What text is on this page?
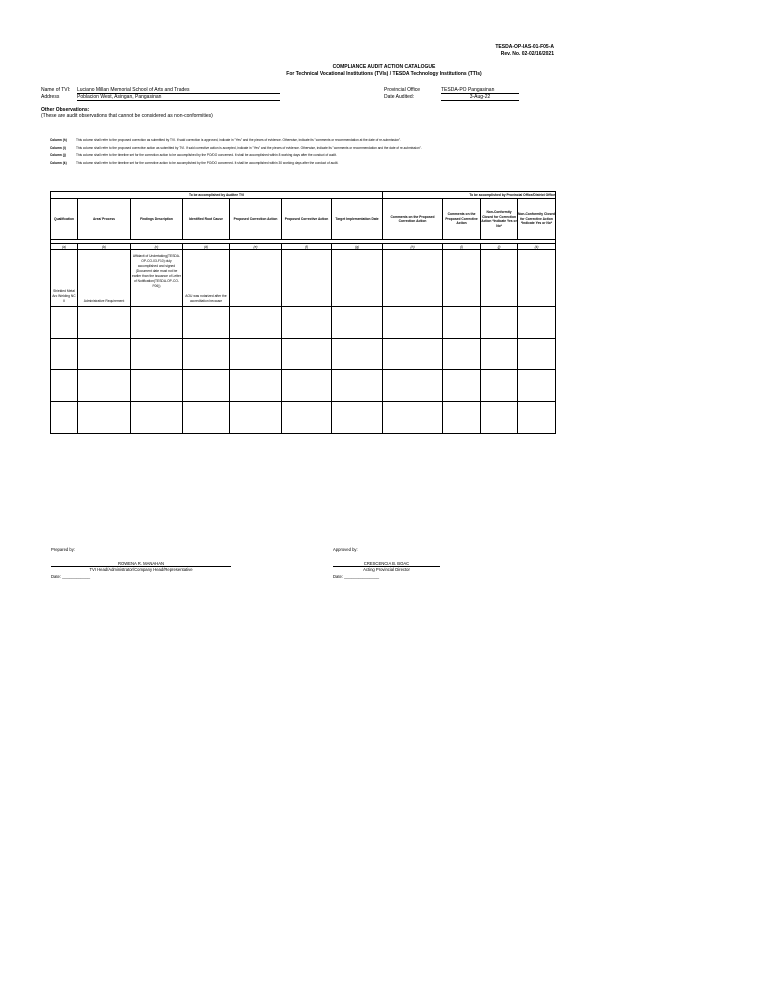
TESDA-OP-IAS-01-F05-A
Rev. No. 02-02/16/2021
COMPLIANCE AUDIT ACTION CATALOGUE
For Technical Vocational Institutions (TVIs) / TESDA Technology Institutions (TTIs)
Name of TVI: Luciano Millan Memorial School of Arts and Trades
Address	Poblacion West, Asingan, Pangasinan
Provincial Office	TESDA-PO Pangasinan
Date Audited:	3-Aug-22
Other Observations:
(These are audit observations that cannot be considered as non-conformities)
Column (h)	This column shall refer to the proposed correction as submitted by TVI. If said correction is approved, indicate in "Yes" and the pieces of evidence. Otherwise, indicate its "comments or recommendation at the date of re-submission".
Column (i)	This column shall refer to the proposed corrective action as submitted by TVI. If said corrective action is accepted, indicate in "Yes" and the pieces of evidence. Otherwise, indicate its "comments or recommendation and the date of re-submission".
Column (j)	This column shall refer to the timeline set for the correction action to be accomplished by the PO/DO concerned. It shall be accomplished within 8 working days after the conduct of audit.
Column (k)	This column shall refer to the timeline set for the corrective action to be accomplished by the PO/DO concerned. It shall be accomplished within 30 working days after the conduct of audit.
To be accomplished by Auditee TVI							To be accomplished by Provincial Office/District Office			
Qualification	Area/ Process	Findings Description	Identified Root Cause	Proposed Correction Action	Proposed Corrective Action	Target Implementation Date	Comments on the Proposed Correction Action	Comments on the Proposed Corrective Action	Non-Conformity Closed for Correction Action *Indicate Yes or No*	Non-Conformity Closed for Corrective Action *Indicate Yes or No*

(a)	(b)	(c)	(d)	(e)	(f)	(g)	(h)	(i)	(j)	(k)
Shielded Metal Arc Welding NC II	Administrative Requirement	Affidavit of Undertaking(TESDA-OP-CO-03-F10) duly accomplished and signed (Document date must not be earlier than the issuance of Letter of Notification(TESDA-OP-CO-F06))	AOU was notarized after the accreditation because							

Prepared by:
ROWENA R. MANAHAN
TVI Head/Administrator/Company Head/Representative
Date: ____________
Approved by:
CRESCENCIA B. BOAC
Acting Provincial Director
Date: _______________
